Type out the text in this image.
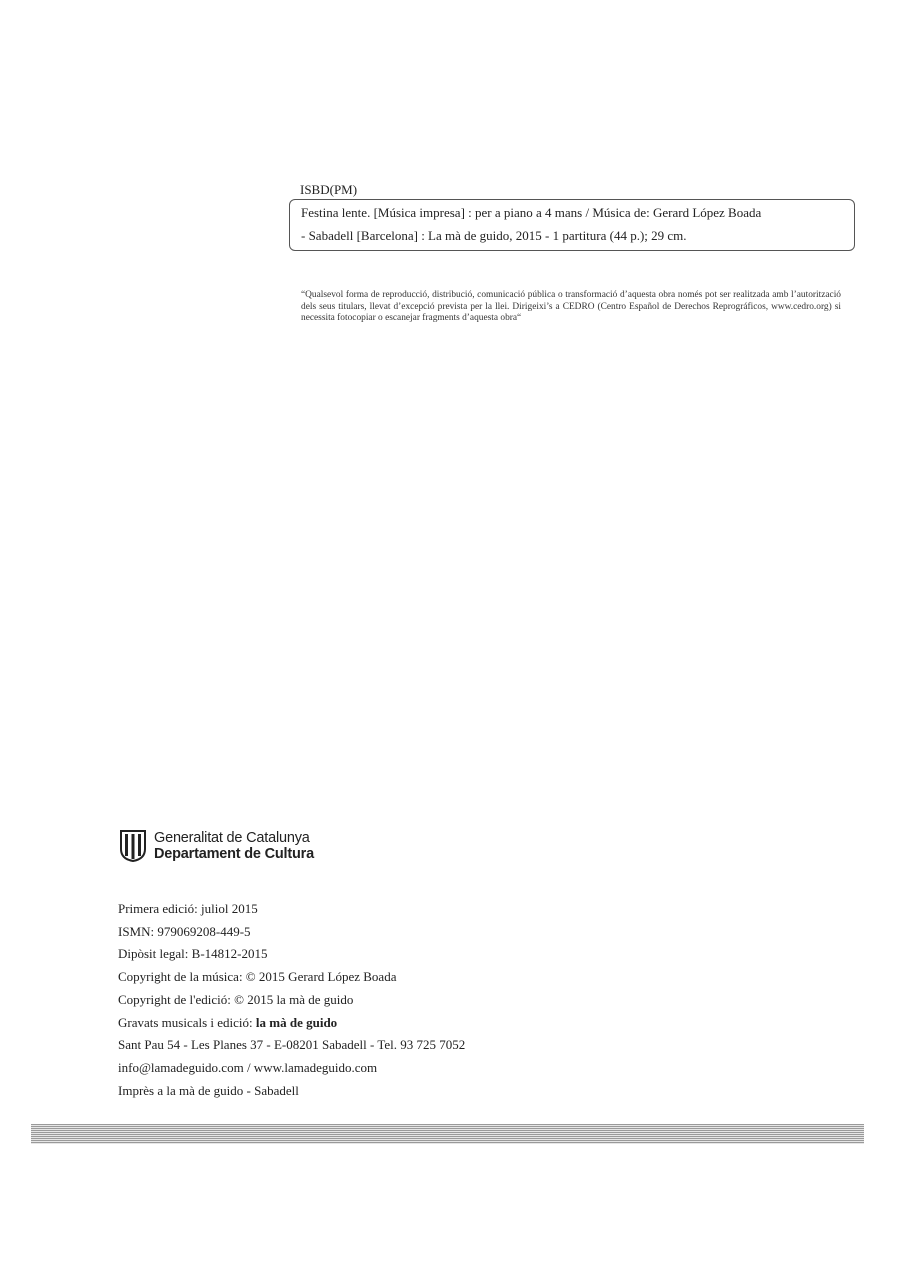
ISBD(PM)
Festina lente. [Música impresa] : per a piano a 4 mans / Música de: Gerard López Boada
- Sabadell [Barcelona] : La mà de guido, 2015 - 1 partitura (44 p.); 29 cm.
“Qualsevol forma de reproducció, distribució, comunicació pública o transformació d’aquesta obra només pot ser realitzada amb l’autorització dels seus titulars, llevat d’excepció prevista per la llei. Dirigeixi’s a CEDRO (Centro Español de Derechos Reprográficos, www.cedro.org) si necessita fotocopiar o escanejar fragments d’aquesta obra“
Generalitat de Catalunya
Departament de Cultura
Primera edició: juliol 2015
ISMN: 979069208-449-5
Dipòsit legal: B-14812-2015
Copyright de la música: © 2015 Gerard López Boada
Copyright de l'edició: © 2015 la mà de guido
Gravats musicals i edició: la mà de guido
Sant Pau 54 - Les Planes 37 - E-08201 Sabadell - Tel. 93 725 7052
info@lamadeguido.com / www.lamadeguido.com
Imprès a la mà de guido - Sabadell
